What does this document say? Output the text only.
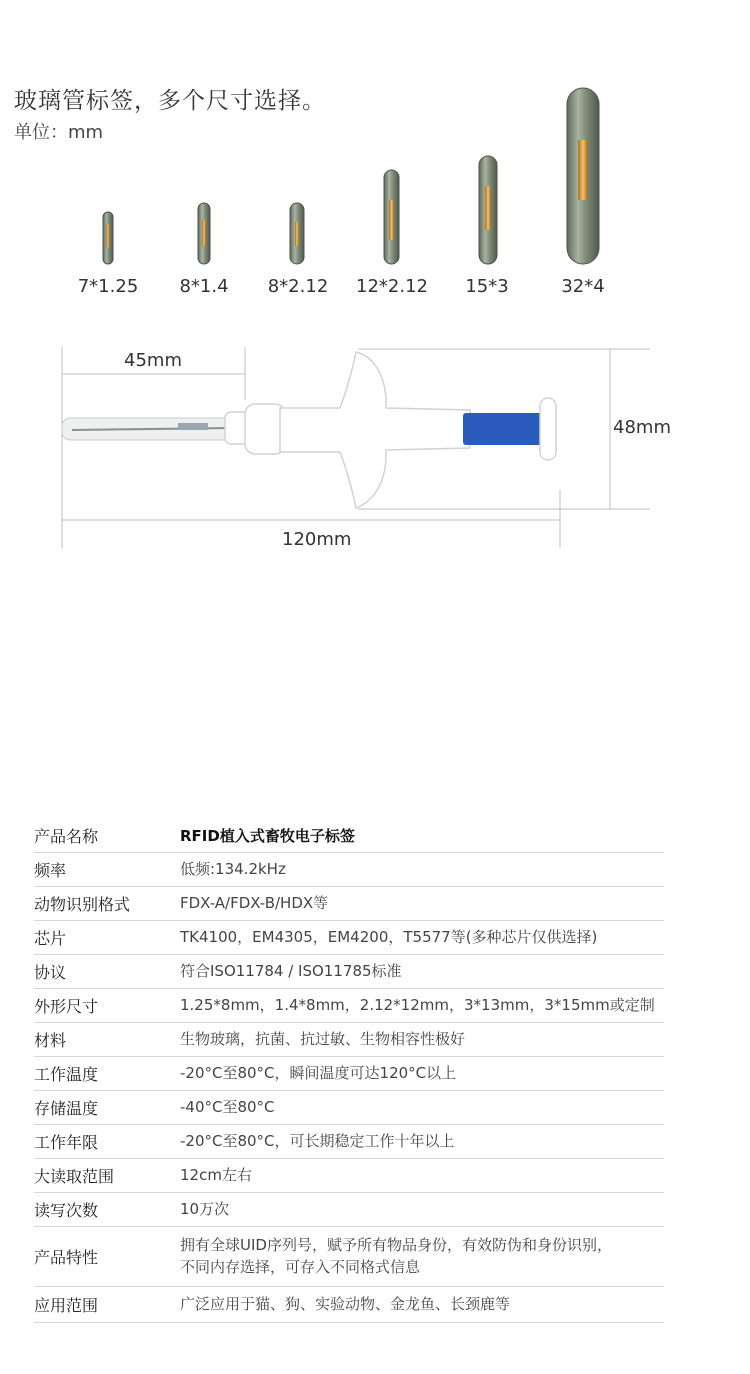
玻璃管标签，多个尺寸选择。
单位：mm
7*1.25 8*1.4 8*2.12 12*2.12 15*3	32*4
45mm
48mm
120mm
产品名称	RFID植入式畜牧电子标签
频率	低频:134.2kHz
动物识别格式	FDX-A/FDX-B/HDX等
芯片	TK4100，EM4305，EM4200，T5577等(多种芯片仅供选择)
协议	符合ISO11784 / ISO11785标准
外形尺寸	1.25*8mm，1.4*8mm，2.12*12mm，3*13mm，3*15mm或定制
材料	生物玻璃，抗菌、抗过敏、生物相容性极好
工作温度	-20°C至80°C，瞬间温度可达120°C以上
存储温度	-40°C至80°C
工作年限	-20°C至80°C，可长期稳定工作十年以上
大读取范围	12cm左右
读写次数	10万次
产品特性	拥有全球UID序列号，赋予所有物品身份，有效防伪和身份识别，
不同内存选择，可存入不同格式信息
应用范围	广泛应用于猫、狗、实验动物、金龙鱼、长颈鹿等
